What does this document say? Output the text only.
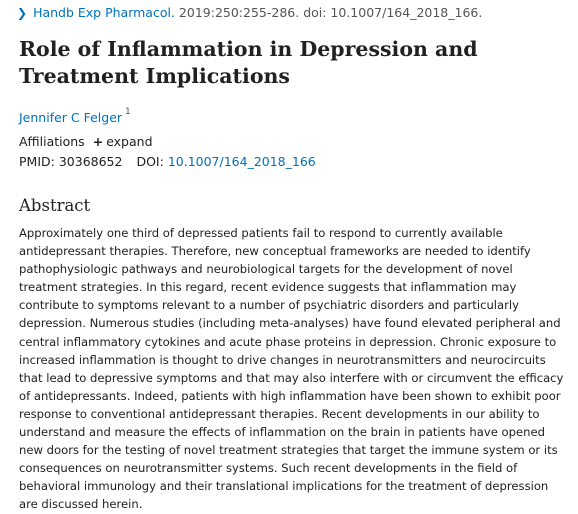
❯ Handb Exp Pharmacol. 2019:250:255-286. doi: 10.1007/164_2018_166.
Role of Inflammation in Depression and Treatment Implications
Jennifer C Felger $^1$
Affiliations + expand
PMID: 30368652 DOI: 10.1007/164_2018_166
Abstract

Approximately one third of depressed patients fail to respond to currently available antidepressant therapies. Therefore, new conceptual frameworks are needed to identify pathophysiologic pathways and neurobiological targets for the development of novel treatment strategies. In this regard, recent evidence suggests that inflammation may contribute to symptoms relevant to a number of psychiatric disorders and particularly depression. Numerous studies (including meta-analyses) have found elevated peripheral and central inflammatory cytokines and acute phase proteins in depression. Chronic exposure to increased inflammation is thought to drive changes in neurotransmitters and neurocircuits that lead to depressive symptoms and that may also interfere with or circumvent the efficacy of antidepressants. Indeed, patients with high inflammation have been shown to exhibit poor response to conventional antidepressant therapies. Recent developments in our ability to understand and measure the effects of inflammation on the brain in patients have opened new doors for the testing of novel treatment strategies that target the immune system or its consequences on neurotransmitter systems. Such recent developments in the field of behavioral immunology and their translational implications for the treatment of depression are discussed herein.
